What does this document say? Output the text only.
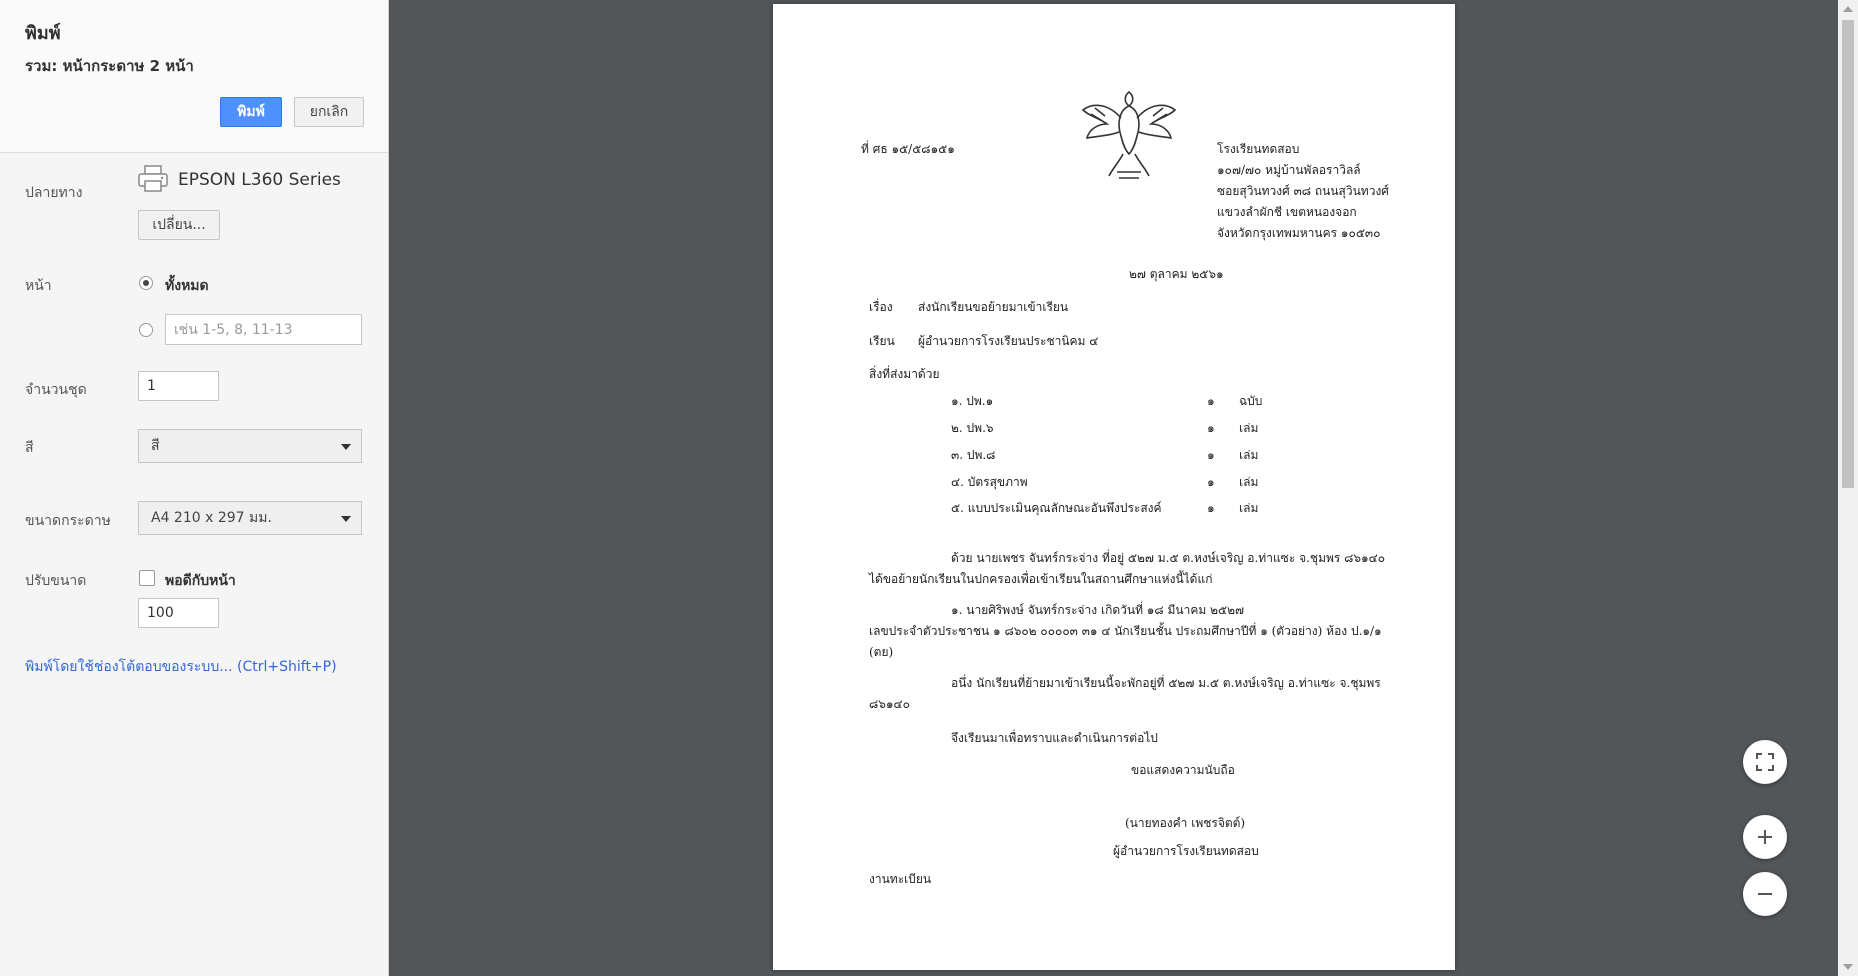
พิมพ์
รวม: หน้ากระดาษ 2 หน้า
พิมพ์	ยกเลิก
ปลายทาง
EPSON L360 Series
เปลี่ยน...
หน้า	ทั้งหมด
เช่น 1-5, 8, 11-13
จำนวนชุด
1
สี	สี
ขนาดกระดาษ	A4 210 x 297 มม.
ปรับขนาด	พอดีกับหน้า
100
พิมพ์โดยใช้ช่องโต้ตอบของระบบ... (Ctrl+Shift+P)
ที่ ศธ ๑๕/๕๘๑๕๑	โรงเรียนทดสอบ
๑๐๗/๗๐ หมู่บ้านพัลอราวิลล์
ซอยสุวินทวงศ์ ๓๘ ถนนสุวินทวงศ์
แขวงลำผักชี เขตหนองจอก
จังหวัดกรุงเทพมหานคร ๑๐๕๓๐
๒๗ ตุลาคม ๒๕๖๑
เรื่อง ส่งนักเรียนขอย้ายมาเข้าเรียน
เรียน ผู้อำนวยการโรงเรียนประชานิคม ๔
สิ่งที่ส่งมาด้วย
๑. ปพ.๑	๑ ฉบับ
๒. ปพ.๖	๑ เล่ม
๓. ปพ.๘	๑ เล่ม
๔. บัตรสุขภาพ	๑ เล่ม
๕. แบบประเมินคุณลักษณะอันพึงประสงค์	๑ เล่ม
ด้วย นายเพชร จันทร์กระจ่าง ที่อยู่ ๕๒๗ ม.๕ ต.หงษ์เจริญ อ.ท่าแซะ จ.ชุมพร ๘๖๑๔๐
ได้ขอย้ายนักเรียนในปกครองเพื่อเข้าเรียนในสถานศึกษาแห่งนี้ได้แก่
๑. นายศิริพงษ์ จันทร์กระจ่าง เกิดวันที่ ๑๘ มีนาคม ๒๕๒๗
เลขประจำตัวประชาชน ๑ ๘๖๐๒ ๐๐๐๐๓ ๓๑ ๔ นักเรียนชั้น ประถมศึกษาปีที่ ๑ (ตัวอย่าง) ห้อง ป.๑/๑
(ตย)
อนึ่ง นักเรียนที่ย้ายมาเข้าเรียนนี้จะพักอยู่ที่ ๕๒๗ ม.๕ ต.หงษ์เจริญ อ.ท่าแซะ จ.ชุมพร
๘๖๑๔๐
จึงเรียนมาเพื่อทราบและดำเนินการต่อไป
ขอแสดงความนับถือ
(นายทองคำ เพชรจิตต์)
ผู้อำนวยการโรงเรียนทดสอบ
งานทะเบียน
